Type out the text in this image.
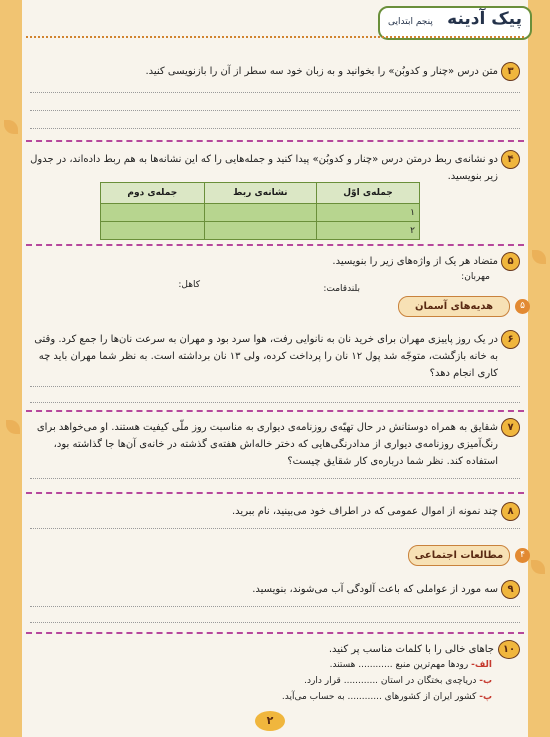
پیک آدینه
پنجم ابتدایی
۳
متن درس «چنار و کدوبُن» را بخوانید و به زبان خود سه سطر از آن را بازنویسی کنید.
۴
دو نشانه‌ی ربط درمتن درس «چنار و کدوبُن» پیدا کنید و جمله‌هایی را که این نشانه‌ها به هم ربط داده‌اند، در جدول زیر بنویسید.
جمله‌ی اوّل	نشانه‌ی ربط	جمله‌ی دوم
۱		
۲		
۵
متضاد هر یک از واژه‌های زیر را بنویسید.
مهربان:
بلندقامت:
کاهل:
۵
هدیه‌های آسمان
۶
در یک روز پاییزی مهران برای خرید نان به نانوایی رفت، هوا سرد بود و مهران به سرعت نان‌ها را جمع کرد. وقتی به خانه بازگشت، متوجّه شد پول ۱۲ نان را پرداخت کرده، ولی ۱۳ نان برداشته است. به نظر شما مهران باید چه کاری انجام دهد؟
۷
شقایق به همراه دوستانش در حال تهیّه‌ی روزنامه‌ی دیواری به مناسبت روز ملّی کیفیت هستند. او می‌خواهد برای رنگ‌آمیزی روزنامه‌ی دیواری از مدادرنگی‌هایی که دختر خاله‌اش هفته‌ی گذشته در خانه‌ی آن‌ها جا گذاشته بود، استفاده کند. نظر شما درباره‌ی کار شقایق چیست؟
۸
چند نمونه از اموال عمومی که در اطراف خود می‌بینید، نام ببرید.
۴
مطالعات اجتماعی
۹
سه مورد از عواملی که باعث آلودگی آب می‌شوند، بنویسید.
۱۰
جاهای خالی را با کلمات مناسب پر کنید.
الف- رودها مهم‌ترین منبع ............ هستند.
ب- دریاچه‌ی بختگان در استان ............ قرار دارد.
پ- کشور ایران از کشورهای ............ به حساب می‌آید.
۲
